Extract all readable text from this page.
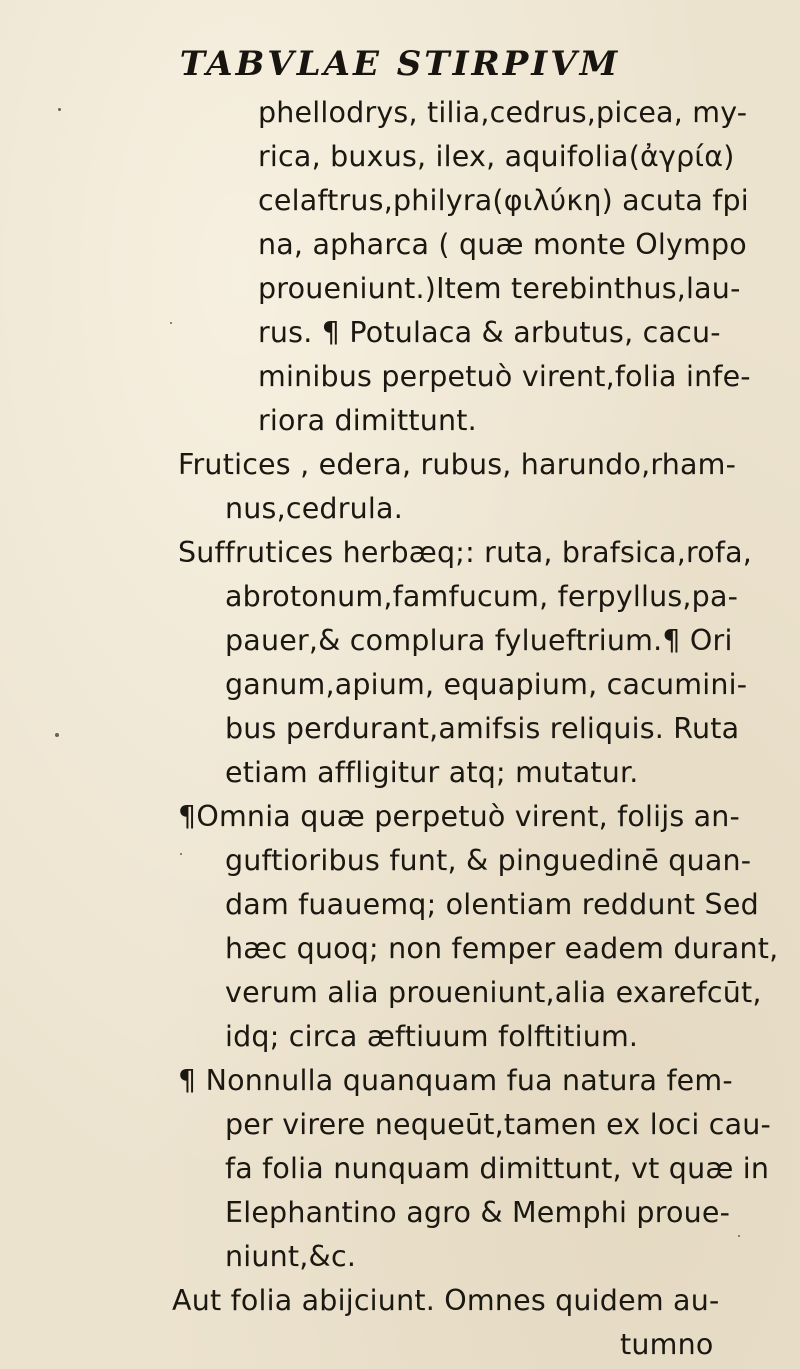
TABVLAE STIRPIVM
phellodrys, tilia,cedrus,picea, my-
rica, buxus, ilex, aquifolia(ἀγρία)
celaftrus,philyra(φιλύκη) acuta fpi
na, apharca ( quæ monte Olympo
proueniunt.)Item terebinthus,lau-
rus. ¶ Potulaca & arbutus, cacu-
minibus perpetuò virent,folia infe-
riora dimittunt.
Frutices , edera, rubus, harundo,rham-
nus,cedrula.
Suffrutices herbæq;: ruta, brafsica,rofa,
abrotonum,famfucum, ferpyllus,pa-
pauer,& complura fylueftrium.¶ Ori
ganum,apium, equapium, cacumini-
bus perdurant,amifsis reliquis. Ruta
etiam affligitur atq; mutatur.
¶Omnia quæ perpetuò virent, folijs an-
guftioribus funt, & pinguedinē quan-
dam fuauemq; olentiam reddunt Sed
hæc quoq; non femper eadem durant,
verum alia proueniunt,alia exarefcūt,
idq; circa æftiuum folftitium.
¶ Nonnulla quanquam fua natura fem-
per virere nequeūt,tamen ex loci cau-
fa folia nunquam dimittunt, vt quæ in
Elephantino agro & Memphi proue-
niunt,&c.
Aut folia abijciunt. Omnes quidem au-
tumno
